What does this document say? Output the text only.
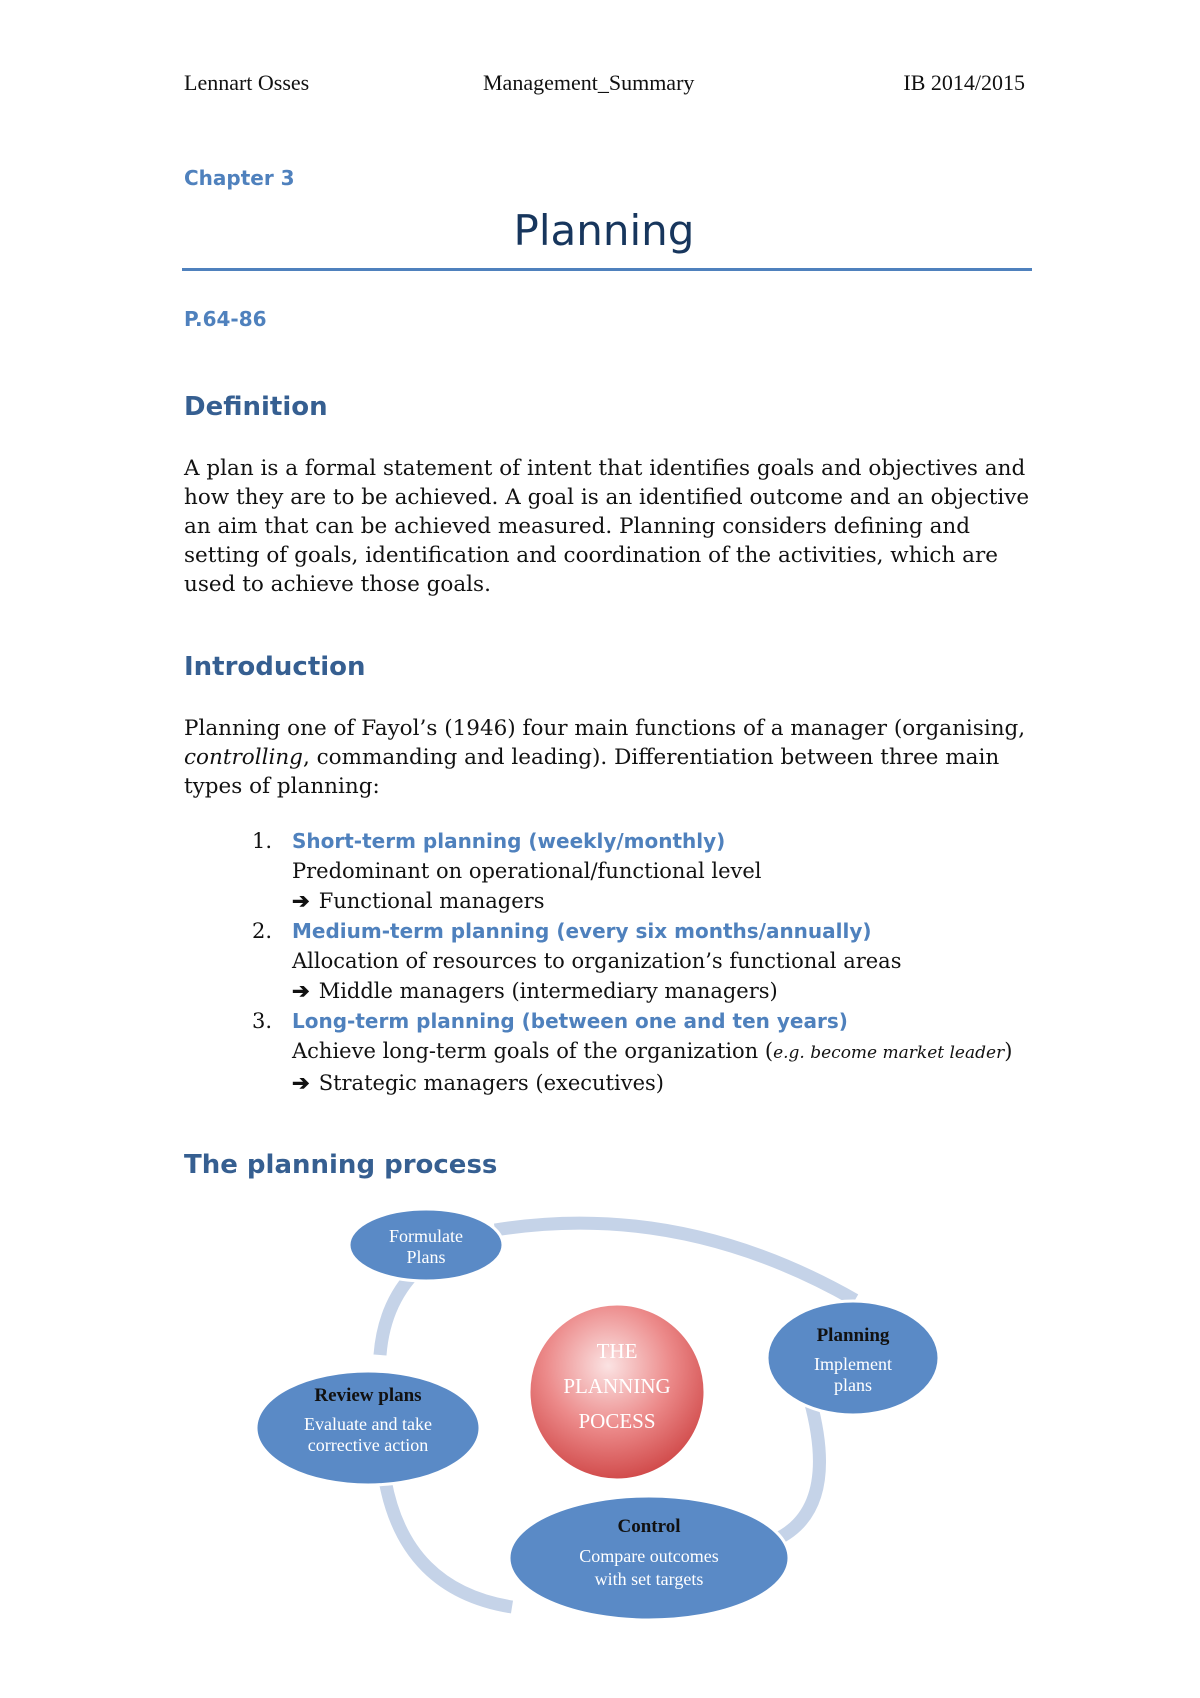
Lennart Osses	Management_Summary	IB 2014/2015
Chapter 3
Planning
P.64-86
Definition
A plan is a formal statement of intent that identifies goals and objectives and how they are to be achieved. A goal is an identified outcome and an objective an aim that can be achieved measured. Planning considers defining and setting of goals, identification and coordination of the activities, which are used to achieve those goals.
Introduction
Planning one of Fayol’s (1946) four main functions of a manager (organising, controlling, commanding and leading). Differentiation between three main types of planning:
1. Short-term planning (weekly/monthly)
Predominant on operational/functional level
➔ Functional managers
2. Medium-term planning (every six months/annually)
Allocation of resources to organization’s functional areas
➔ Middle managers (intermediary managers)
3. Long-term planning (between one and ten years)
Achieve long-term goals of the organization (e.g. become market leader)
➔ Strategic managers (executives)
The planning process
THE
PLANNING
POCESS
Formulate
Plans
Planning
Implement
plans
Review plans
Evaluate and take
corrective action
Control
Compare outcomes
with set targets
